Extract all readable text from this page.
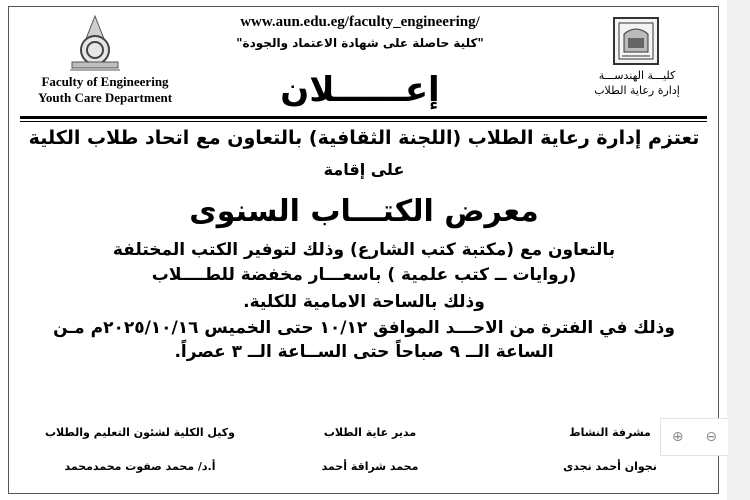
Faculty of Engineering
Youth Care Department
كليـــة الهندســـة
إدارة رعاية الطلاب
www.aun.edu.eg/faculty_engineering/
"كلية حاصلة على شهادة الاعتماد والجودة"
إعــــــلان
تعتزم إدارة رعاية الطلاب (اللجنة الثقافية) بالتعاون مع اتحاد طلاب الكلية
على إقامة
معرض الكتـــاب السنوى
بالتعاون مع (مكتبة كتب الشارع) وذلك لتوفير الكتب المختلفة
(روايات ــ كتب علمية ) باسعـــار مخفضة للطــــلاب
وذلك بالساحة الامامية للكلية.
وذلك في الفترة من الاحـــد الموافق ١٠/١٢ حتى الخميس ٢٠٢٥/١٠/١٦م مـن
الساعة الــ ٩ صباحاً حتى الســاعة الــ ٣ عصراً.
مشرفة النشاط
نجوان أحمد نجدى
مدير عاية الطلاب
محمد شراقة أحمد
وكيل الكلية لشئون التعليم والطلاب
أ.د/ محمد صفوت محمدمحمد
⊕ ⊖
